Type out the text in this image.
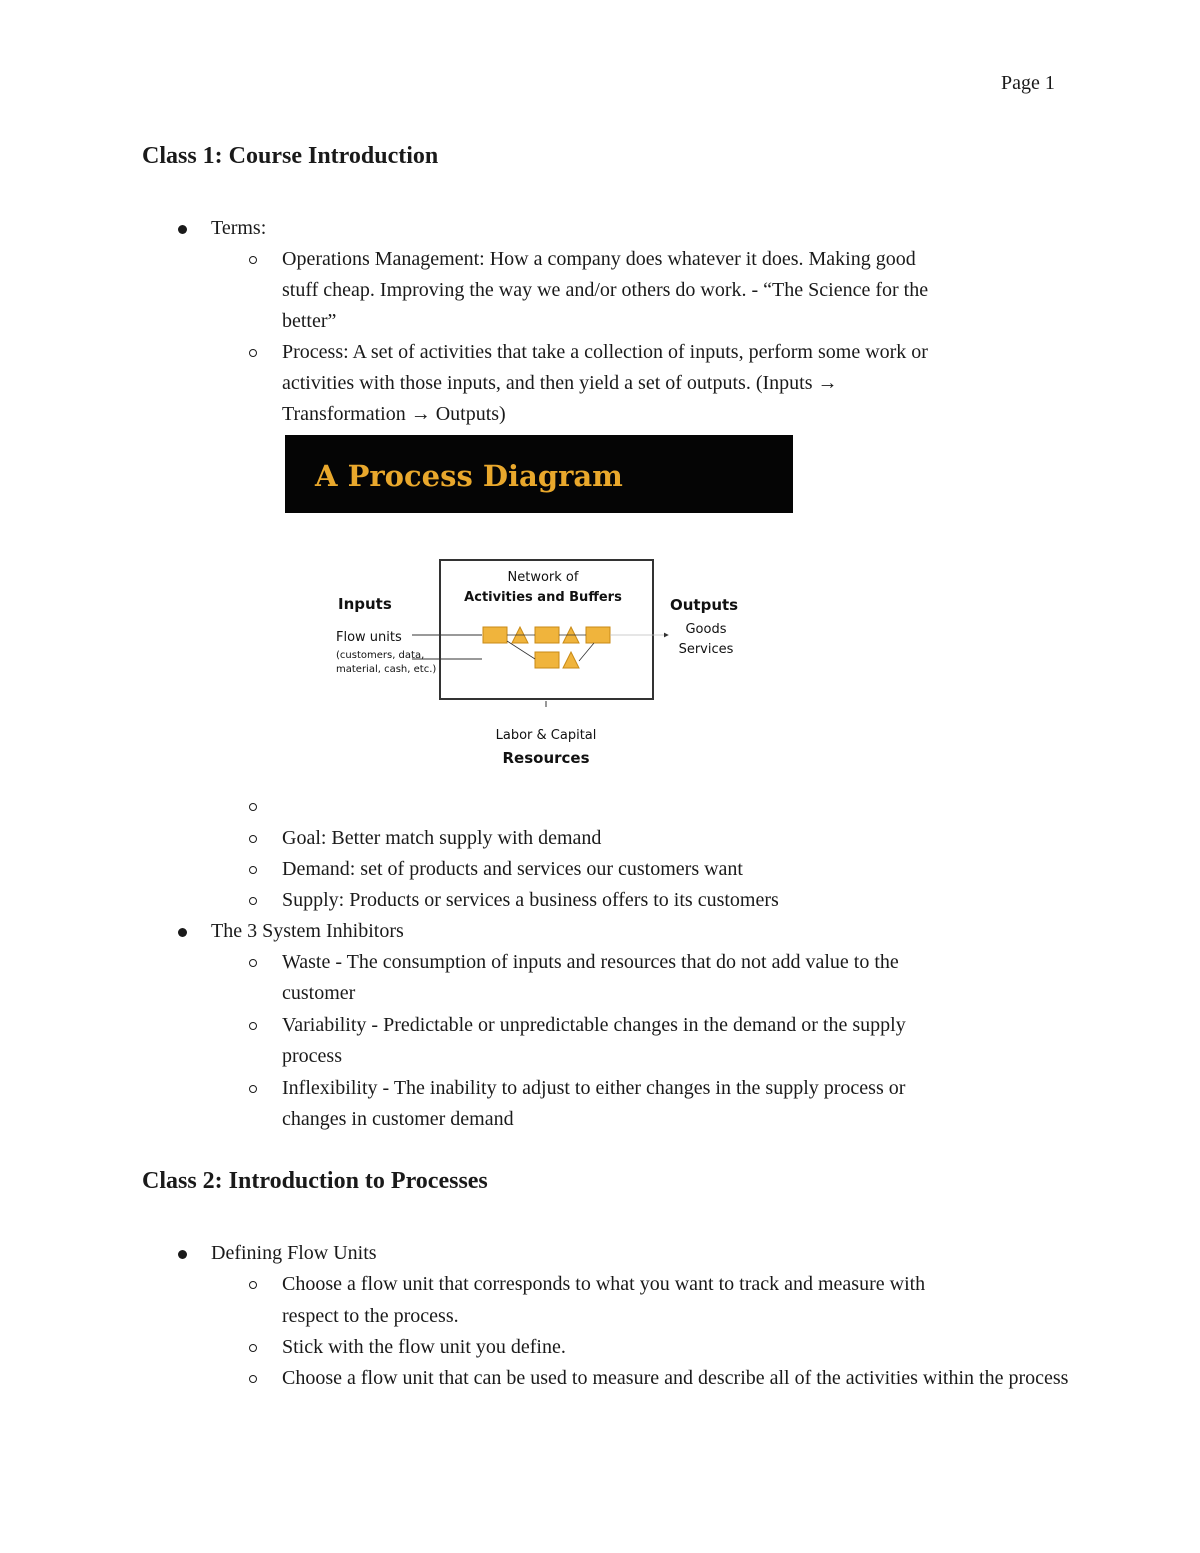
Page 1
Class 1: Course Introduction
Terms:
Operations Management: How a company does whatever it does. Making good
stuff cheap. Improving the way we and/or others do work. - “The Science for the
better”
Process: A set of activities that take a collection of inputs, perform some work or
activities with those inputs, and then yield a set of outputs. (Inputs →
Transformation → Outputs)
A Process Diagram
Network of
Activities and Buffers
Inputs
Flow units
(customers, data,
material, cash, etc.)
Outputs
Goods
Services
Labor & Capital
Resources
Goal: Better match supply with demand
Demand: set of products and services our customers want
Supply: Products or services a business offers to its customers
The 3 System Inhibitors
Waste - The consumption of inputs and resources that do not add value to the
customer
Variability - Predictable or unpredictable changes in the demand or the supply
process
Inflexibility - The inability to adjust to either changes in the supply process or
changes in customer demand
Class 2: Introduction to Processes
Defining Flow Units
Choose a flow unit that corresponds to what you want to track and measure with
respect to the process.
Stick with the flow unit you define.
Choose a flow unit that can be used to measure and describe all of the activities within the process
